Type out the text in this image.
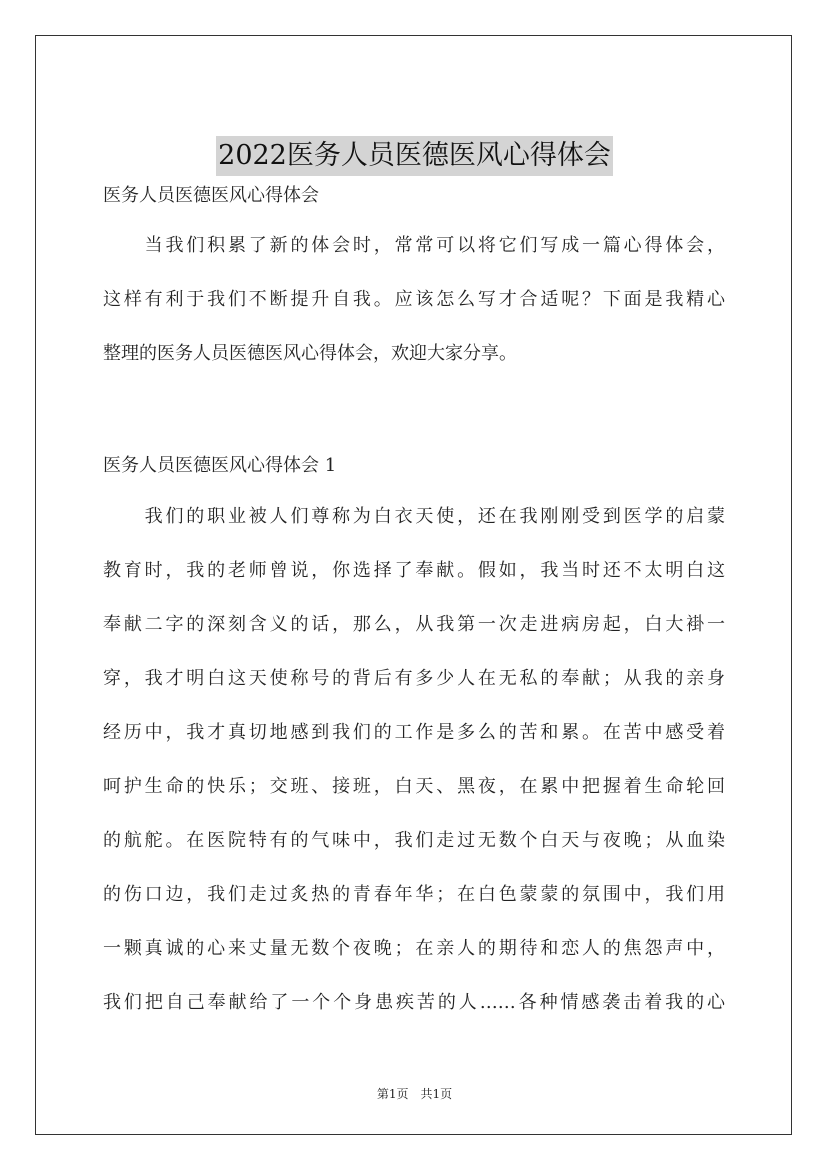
2022医务人员医德医风心得体会
医务人员医德医风心得体会
　　当我们积累了新的体会时，常常可以将它们写成一篇心得体会，
这样有利于我们不断提升自我。应该怎么写才合适呢？下面是我精心
整理的医务人员医德医风心得体会，欢迎大家分享。
医务人员医德医风心得体会 1
　　我们的职业被人们尊称为白衣天使，还在我刚刚受到医学的启蒙
教育时，我的老师曾说，你选择了奉献。假如，我当时还不太明白这
奉献二字的深刻含义的话，那么，从我第一次走进病房起，白大褂一
穿，我才明白这天使称号的背后有多少人在无私的奉献；从我的亲身
经历中，我才真切地感到我们的工作是多么的苦和累。在苦中感受着
呵护生命的快乐；交班、接班，白天、黑夜，在累中把握着生命轮回
的航舵。在医院特有的气味中，我们走过无数个白天与夜晚；从血染
的伤口边，我们走过炙热的青春年华；在白色蒙蒙的氛围中，我们用
一颗真诚的心来丈量无数个夜晚；在亲人的期待和恋人的焦怨声中，
我们把自己奉献给了一个个身患疾苦的人……各种情感袭击着我的心
第1页　共1页
